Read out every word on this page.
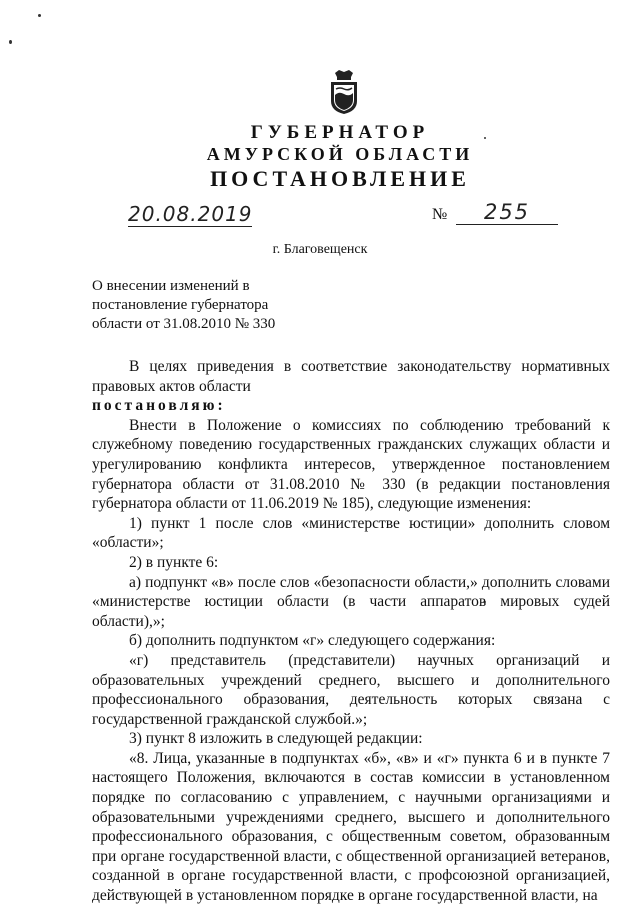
ГУБЕРНАТОР
АМУРСКОЙ ОБЛАСТИ
ПОСТАНОВЛЕНИЕ
20.08.2019	№	255
г. Благовещенск
О внесении изменений в
постановление губернатора
области от 31.08.2010 № 330

В целях приведения в соответствие законодательству нормативных правовых актов области

постановляю:

Внести в Положение о комиссиях по соблюдению требований к служебному поведению государственных гражданских служащих области и урегулированию конфликта интересов, утвержденное постановлением губернатора области от 31.08.2010 № 330 (в редакции постановления губернатора области от 11.06.2019 № 185), следующие изменения:

1) пункт 1 после слов «министерстве юстиции» дополнить словом «области»;

2) в пункте 6:

а) подпункт «в» после слов «безопасности области,» дополнить словами «министерстве юстиции области (в части аппаратов мировых судей области),»;

б) дополнить подпунктом «г» следующего содержания:

«г) представитель (представители) научных организаций и образовательных учреждений среднего, высшего и дополнительного профессионального образования, деятельность которых связана с государственной гражданской службой.»;

3) пункт 8 изложить в следующей редакции:

«8. Лица, указанные в подпунктах «б», «в» и «г» пункта 6 и в пункте 7 настоящего Положения, включаются в состав комиссии в установленном порядке по согласованию с управлением, с научными организациями и образовательными учреждениями среднего, высшего и дополнительного профессионального образования, с общественным советом, образованным при органе государственной власти, с общественной организацией ветеранов, созданной в органе государственной власти, с профсоюзной организацией, действующей в установленном порядке в органе государственной власти, на
